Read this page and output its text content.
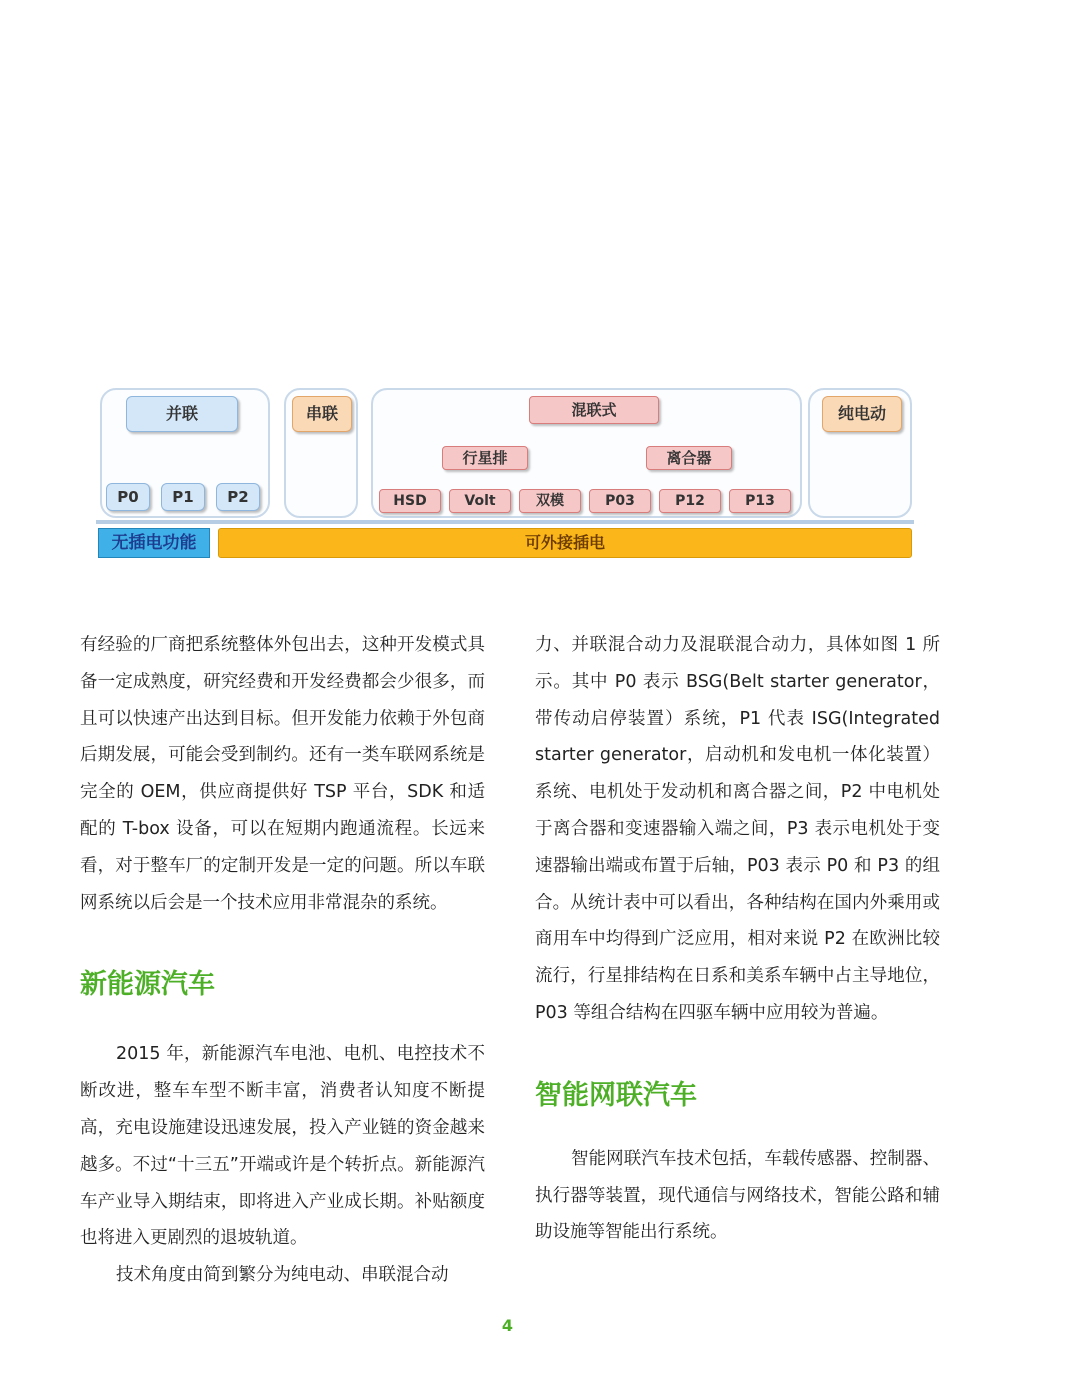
并联
P0	P1	P2
串联	混联式
行星排	离合器
HSD	Volt	双模	P03	P12	P13
纯电动
无插电功能	可外接插电

有经验的厂商把系统整体外包出去，这种开发模式具备一定成熟度，研究经费和开发经费都会少很多，而且可以快速产出达到目标。但开发能力依赖于外包商后期发展，可能会受到制约。还有一类车联网系统是完全的 OEM，供应商提供好 TSP 平台，SDK 和适配的 T-box 设备，可以在短期内跑通流程。长远来看，对于整车厂的定制开发是一定的问题。所以车联网系统以后会是一个技术应用非常混杂的系统。

新能源汽车

2015 年，新能源汽车电池、电机、电控技术不断改进，整车车型不断丰富，消费者认知度不断提高，充电设施建设迅速发展，投入产业链的资金越来越多。不过“十三五”开端或许是个转折点。新能源汽车产业导入期结束，即将进入产业成长期。补贴额度也将进入更剧烈的退坡轨道。

技术角度由简到繁分为纯电动、串联混合动

力、并联混合动力及混联混合动力，具体如图 1 所示。其中 P0 表示 BSG(Belt starter generator，带传动启停装置）系统，P1 代表 ISG(Integrated starter generator，启动机和发电机一体化装置）系统、电机处于发动机和离合器之间，P2 中电机处于离合器和变速器输入端之间，P3 表示电机处于变速器输出端或布置于后轴，P03 表示 P0 和 P3 的组合。从统计表中可以看出，各种结构在国内外乘用或商用车中均得到广泛应用，相对来说 P2 在欧洲比较流行，行星排结构在日系和美系车辆中占主导地位，P03 等组合结构在四驱车辆中应用较为普遍。

智能网联汽车

智能网联汽车技术包括，车载传感器、控制器、执行器等装置，现代通信与网络技术，智能公路和辅助设施等智能出行系统。

4
